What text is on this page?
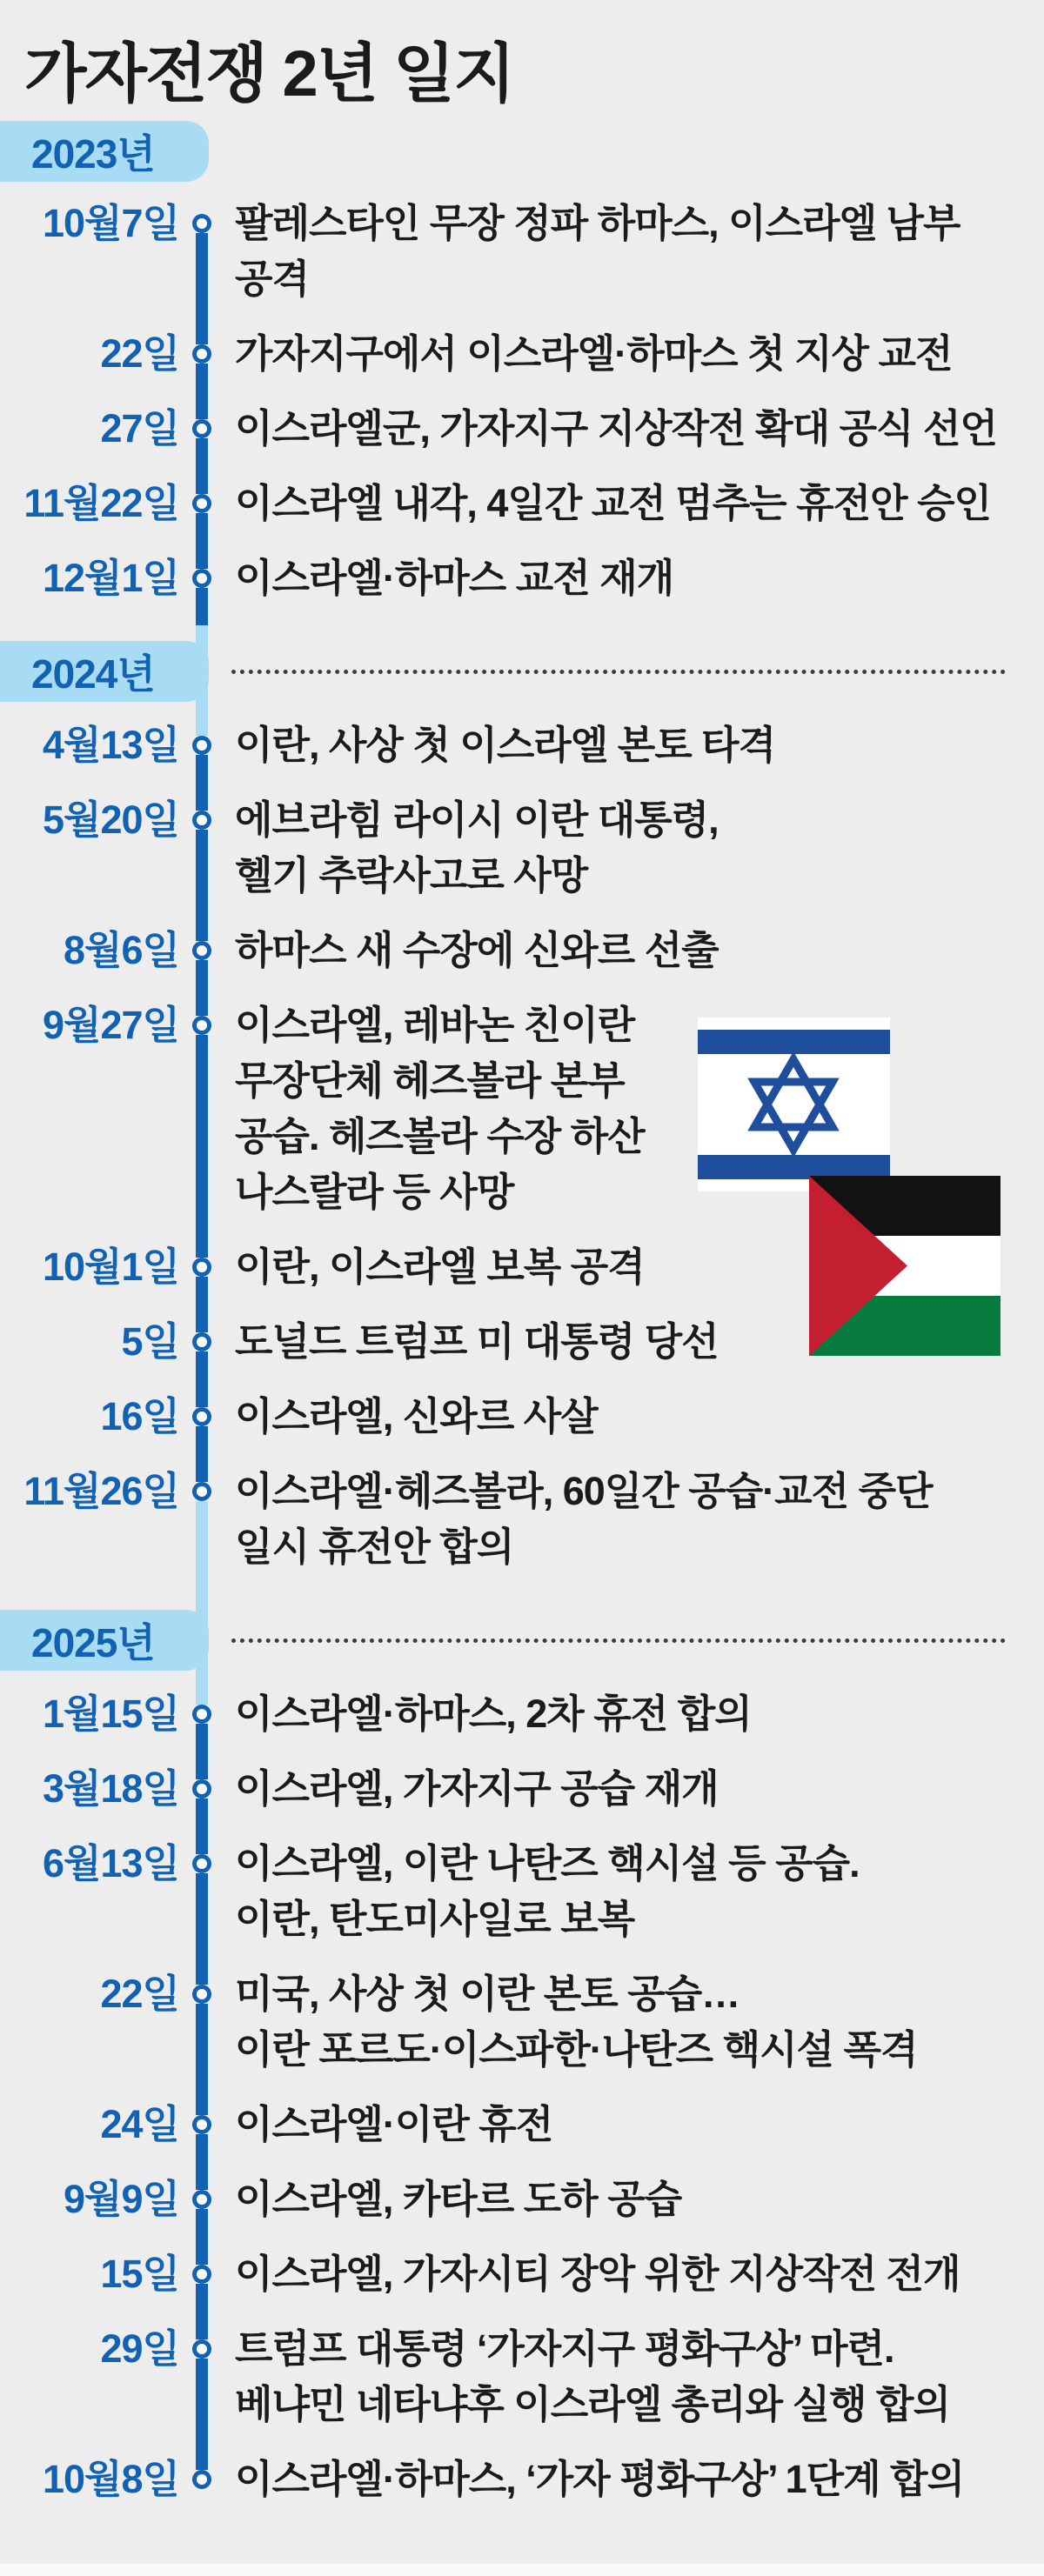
가자전쟁 2년 일지
2023년
10월7일 팔레스타인 무장 정파 하마스, 이스라엘 남부
공격
22일 가자지구에서 이스라엘·하마스 첫 지상 교전
27일 이스라엘군, 가자지구 지상작전 확대 공식 선언
11월22일 이스라엘 내각, 4일간 교전 멈추는 휴전안 승인
12월1일 이스라엘·하마스 교전 재개
2024년
4월13일 이란, 사상 첫 이스라엘 본토 타격
5월20일 에브라힘 라이시 이란 대통령,
헬기 추락사고로 사망
8월6일 하마스 새 수장에 신와르 선출
9월27일 이스라엘, 레바논 친이란
무장단체 헤즈볼라 본부
공습. 헤즈볼라 수장 하산
나스랄라 등 사망
10월1일 이란, 이스라엘 보복 공격
5일 도널드 트럼프 미 대통령 당선
16일 이스라엘, 신와르 사살
11월26일 이스라엘·헤즈볼라, 60일간 공습·교전 중단
일시 휴전안 합의
2025년
1월15일 이스라엘·하마스, 2차 휴전 합의
3월18일 이스라엘, 가자지구 공습 재개
6월13일 이스라엘, 이란 나탄즈 핵시설 등 공습.
이란, 탄도미사일로 보복
22일 미국, 사상 첫 이란 본토 공습…
이란 포르도·이스파한·나탄즈 핵시설 폭격
24일 이스라엘·이란 휴전
9월9일 이스라엘, 카타르 도하 공습
15일 이스라엘, 가자시티 장악 위한 지상작전 전개
29일 트럼프 대통령 ‘가자지구 평화구상’ 마련.
베냐민 네타냐후 이스라엘 총리와 실행 합의
10월8일 이스라엘·하마스, ‘가자 평화구상’ 1단계 합의
